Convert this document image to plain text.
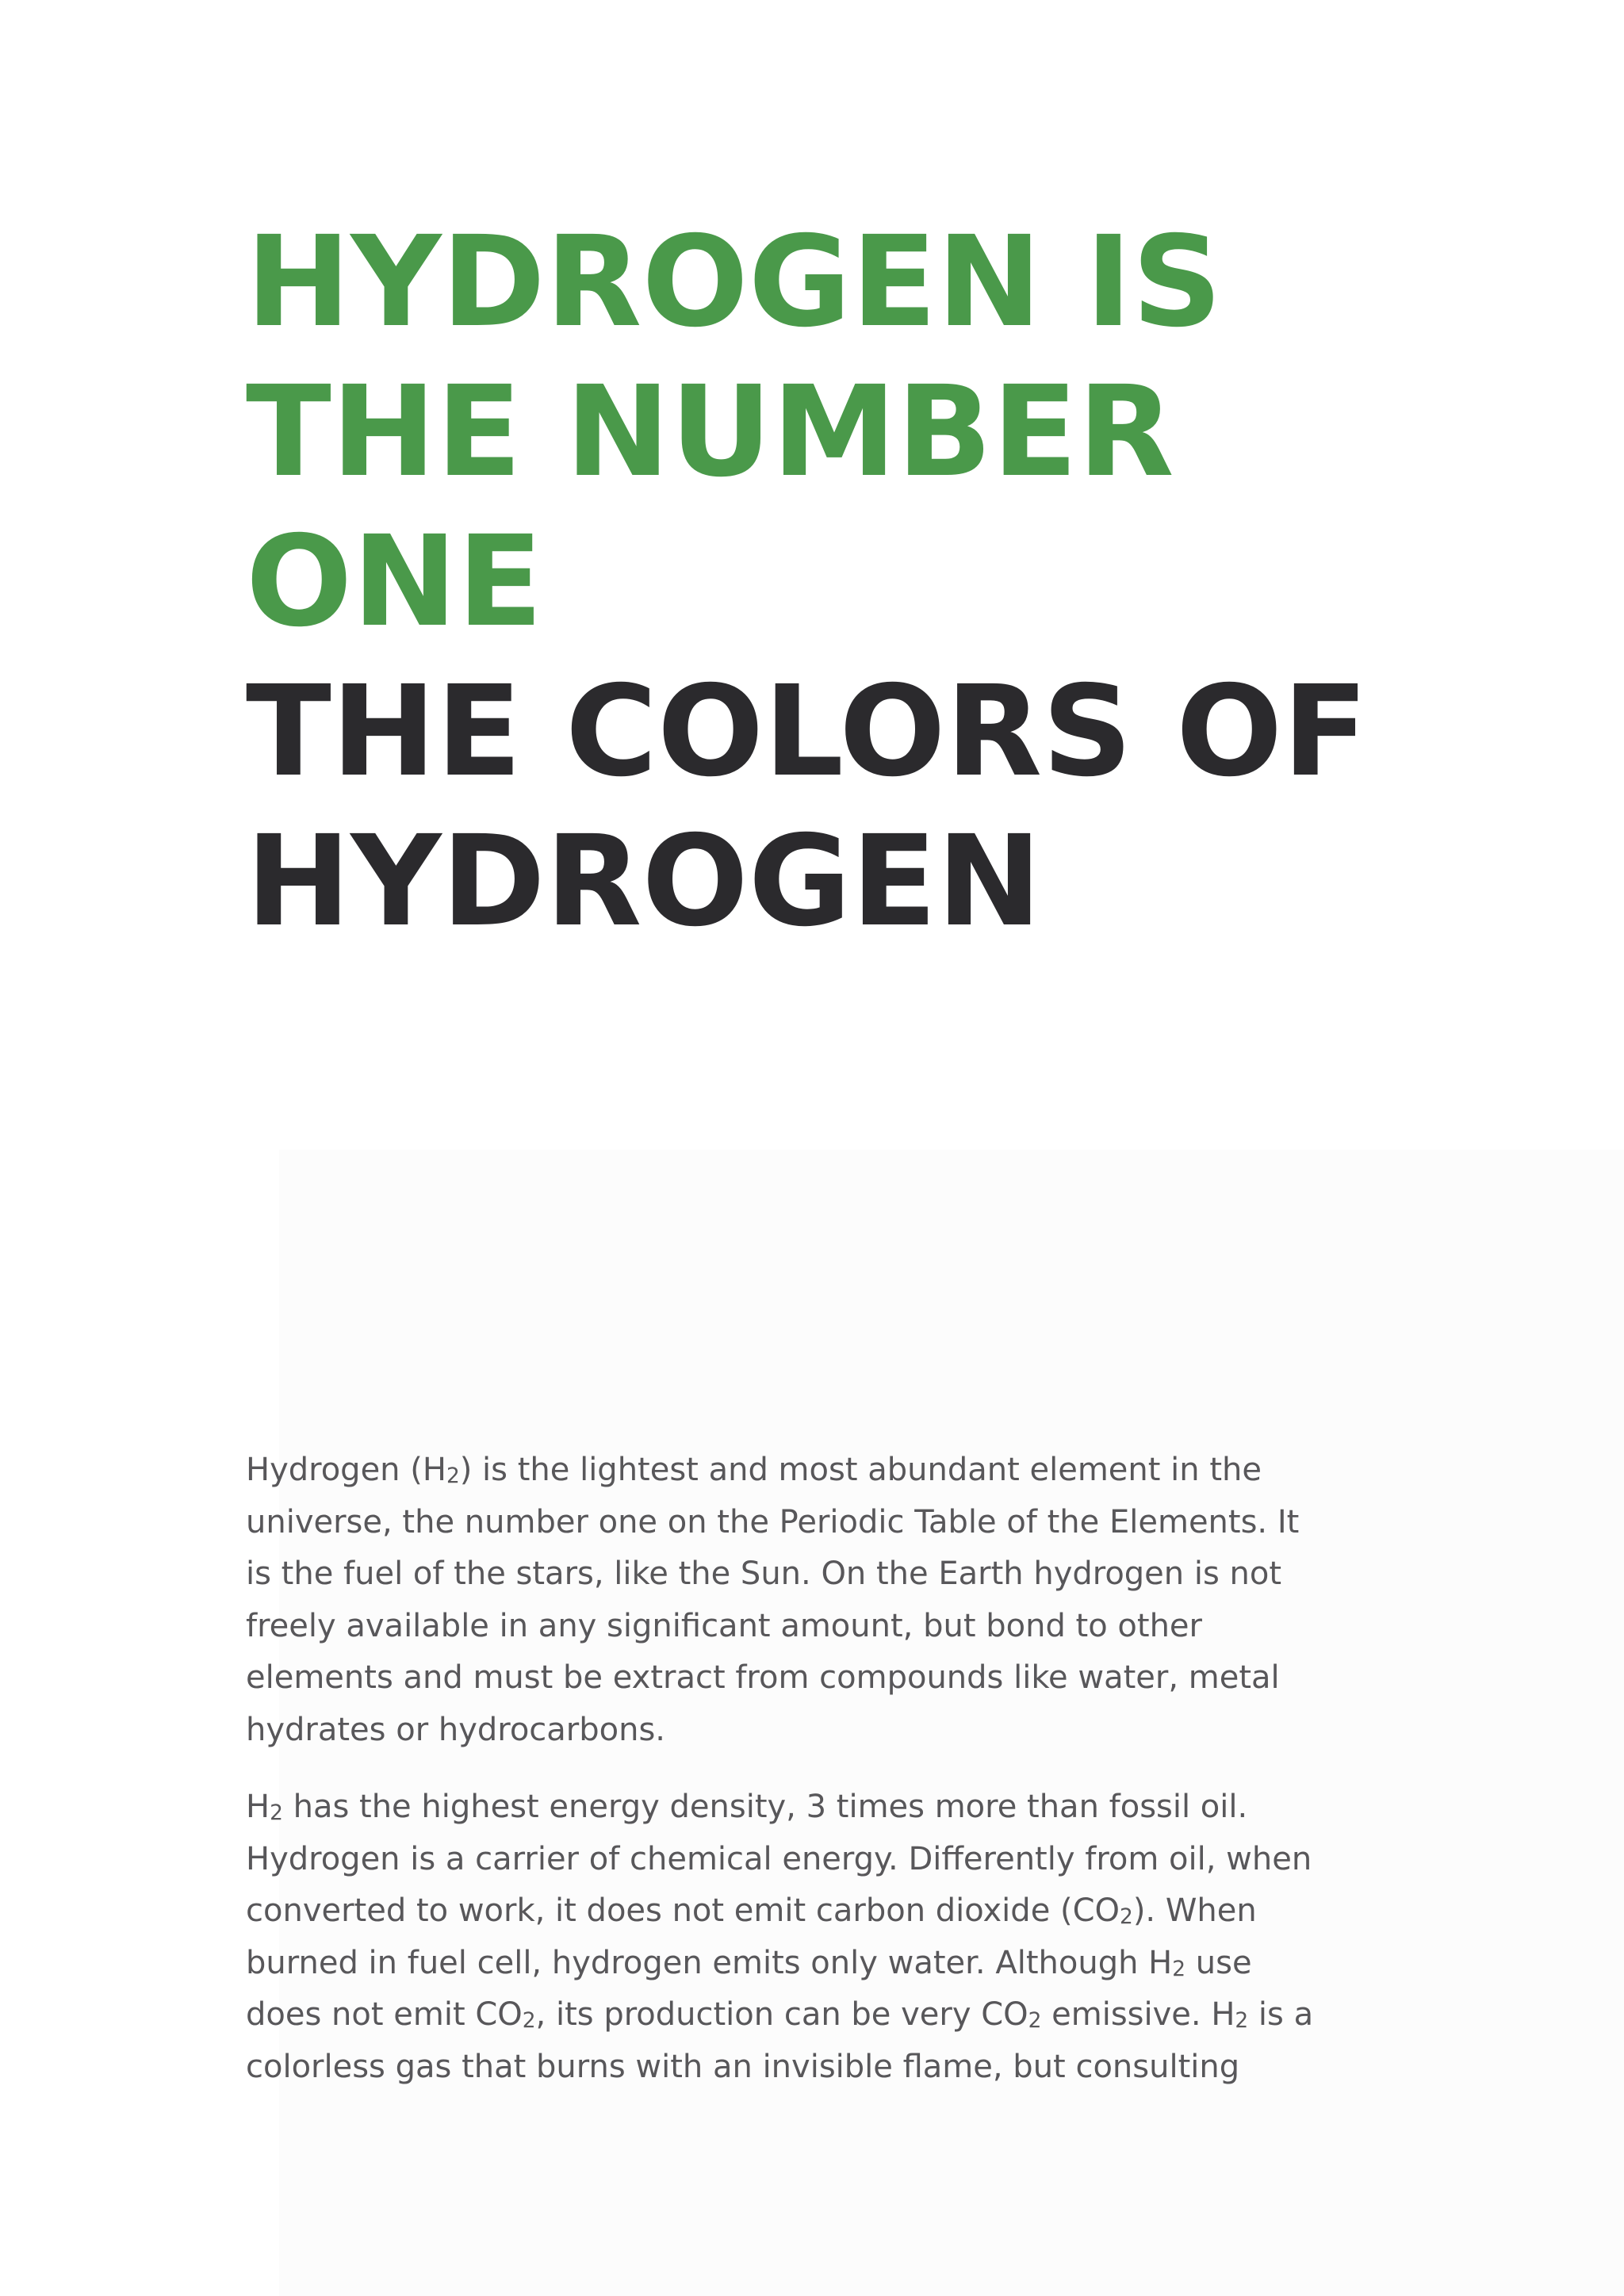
HYDROGEN IS
THE NUMBER
ONE
THE COLORS OF
HYDROGEN

Hydrogen $(H_2)$ is the lightest and most abundant element in the
universe, the number one on the Periodic Table of the Elements. It
is the fuel of the stars, like the Sun. On the Earth hydrogen is not
freely available in any significant amount, but bond to other
elements and must be extract from compounds like water, metal
hydrates or hydrocarbons.

$H_2$ has the highest energy density, 3 times more than fossil oil.
Hydrogen is a carrier of chemical energy. Differently from oil, when
converted to work, it does not emit carbon dioxide $(CO_2)$. When
burned in fuel cell, hydrogen emits only water. Although $H_2$ use
does not emit $CO_2$, its production can be very $CO_2$ emissive. $H_2$ is a
colorless gas that burns with an invisible flame, but consulting
